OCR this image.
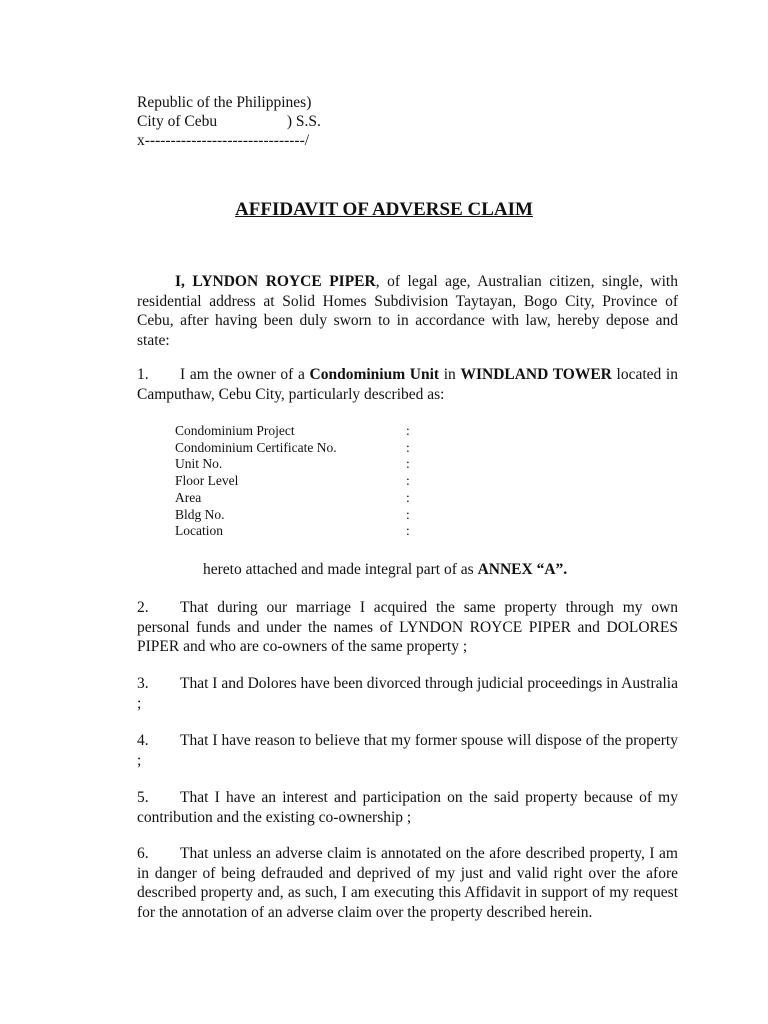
Republic of the Philippines)
City of Cebu                  ) S.S.
x-------------------------------/
AFFIDAVIT OF ADVERSE CLAIM

I, LYNDON ROYCE PIPER, of legal age, Australian citizen, single, with residential address at Solid Homes Subdivision Taytayan, Bogo City, Province of Cebu, after having been duly sworn to in accordance with law, hereby depose and state:

1. I am the owner of a Condominium Unit in WINDLAND TOWER located in Camputhaw, Cebu City, particularly described as:

Condominium Project	:
Condominium Certificate No.	:
Unit No.	:
Floor Level	:
Area	:
Bldg No.	:
Location	:
hereto attached and made integral part of as ANNEX “A”.

2. That during our marriage I acquired the same property through my own personal funds and under the names of LYNDON ROYCE PIPER and DOLORES PIPER and who are co-owners of the same property ;

3. That I and Dolores have been divorced through judicial proceedings in Australia ;

4. That I have reason to believe that my former spouse will dispose of the property ;

5. That I have an interest and participation on the said property because of my contribution and the existing co-ownership ;

6. That unless an adverse claim is annotated on the afore described property, I am in danger of being defrauded and deprived of my just and valid right over the afore described property and, as such, I am executing this Affidavit in support of my request for the annotation of an adverse claim over the property described herein.
